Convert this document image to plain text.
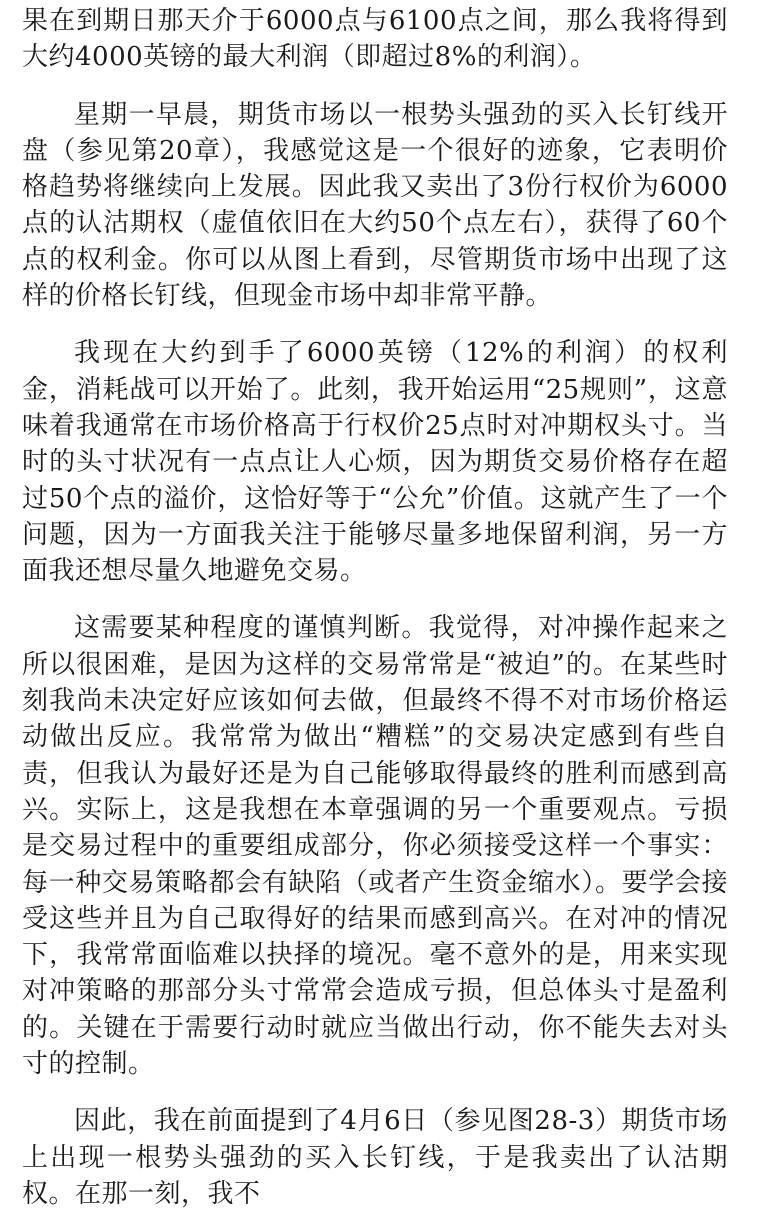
果在到期日那天介于6000点与6100点之间，那么我将得到大约4000英镑的最大利润（即超过8%的利润）。

星期一早晨，期货市场以一根势头强劲的买入长钉线开盘（参见第20章），我感觉这是一个很好的迹象，它表明价格趋势将继续向上发展。因此我又卖出了3份行权价为6000点的认沽期权（虚值依旧在大约50个点左右），获得了60个点的权利金。你可以从图上看到，尽管期货市场中出现了这样的价格长钉线，但现金市场中却非常平静。

我现在大约到手了6000英镑（12%的利润）的权利金，消耗战可以开始了。此刻，我开始运用“25规则”，这意味着我通常在市场价格高于行权价25点时对冲期权头寸。当时的头寸状况有一点点让人心烦，因为期货交易价格存在超过50个点的溢价，这恰好等于“公允”价值。这就产生了一个问题，因为一方面我关注于能够尽量多地保留利润，另一方面我还想尽量久地避免交易。

这需要某种程度的谨慎判断。我觉得，对冲操作起来之所以很困难，是因为这样的交易常常是“被迫”的。在某些时刻我尚未决定好应该如何去做，但最终不得不对市场价格运动做出反应。我常常为做出“糟糕”的交易决定感到有些自责，但我认为最好还是为自己能够取得最终的胜利而感到高兴。实际上，这是我想在本章强调的另一个重要观点。亏损是交易过程中的重要组成部分，你必须接受这样一个事实：每一种交易策略都会有缺陷（或者产生资金缩水）。要学会接受这些并且为自己取得好的结果而感到高兴。在对冲的情况下，我常常面临难以抉择的境况。毫不意外的是，用来实现对冲策略的那部分头寸常常会造成亏损，但总体头寸是盈利的。关键在于需要行动时就应当做出行动，你不能失去对头寸的控制。

因此，我在前面提到了4月6日（参见图28-3）期货市场上出现一根势头强劲的买入长钉线，于是我卖出了认沽期权。在那一刻，我不
